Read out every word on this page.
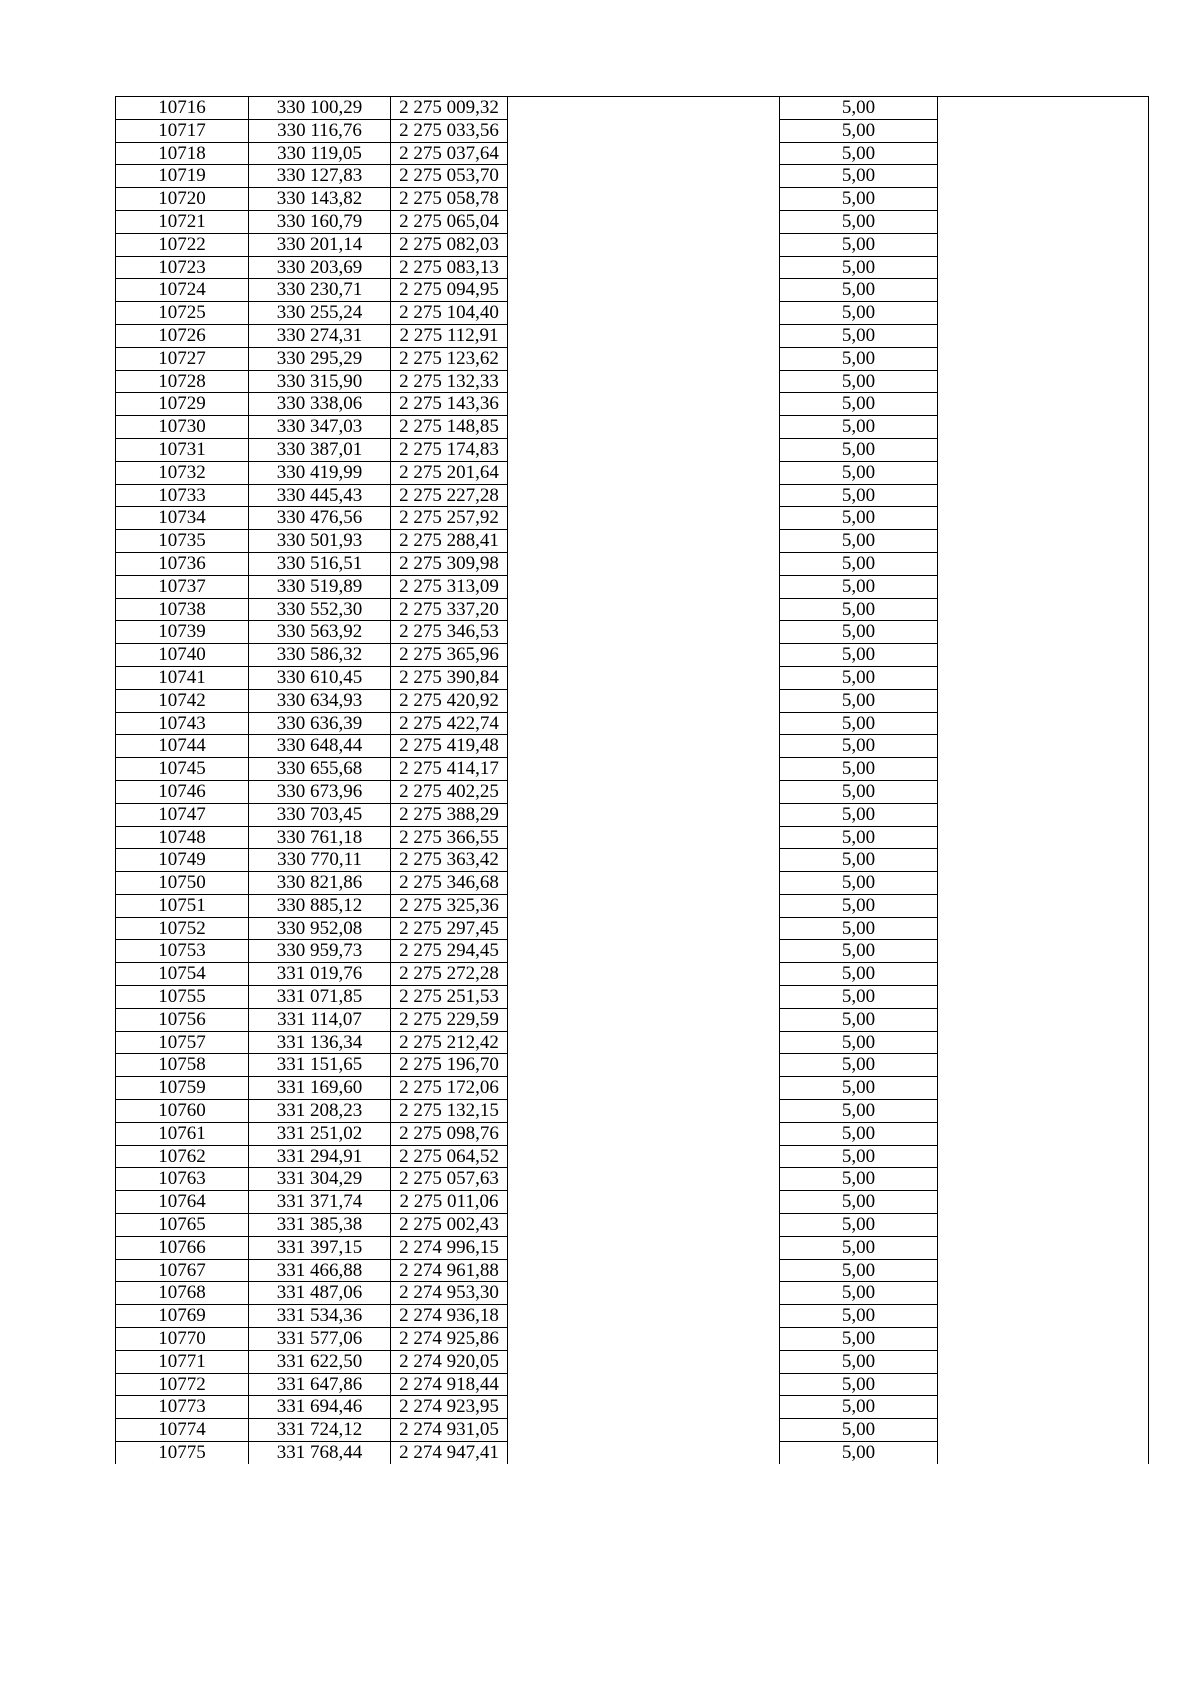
10716	330 100,29	2 275 009,32		5,00	
10717	330 116,76	2 275 033,56		5,00	
10718	330 119,05	2 275 037,64		5,00	
10719	330 127,83	2 275 053,70		5,00	
10720	330 143,82	2 275 058,78		5,00	
10721	330 160,79	2 275 065,04		5,00	
10722	330 201,14	2 275 082,03		5,00	
10723	330 203,69	2 275 083,13		5,00	
10724	330 230,71	2 275 094,95		5,00	
10725	330 255,24	2 275 104,40		5,00	
10726	330 274,31	2 275 112,91		5,00	
10727	330 295,29	2 275 123,62		5,00	
10728	330 315,90	2 275 132,33		5,00	
10729	330 338,06	2 275 143,36		5,00	
10730	330 347,03	2 275 148,85		5,00	
10731	330 387,01	2 275 174,83		5,00	
10732	330 419,99	2 275 201,64		5,00	
10733	330 445,43	2 275 227,28		5,00	
10734	330 476,56	2 275 257,92		5,00	
10735	330 501,93	2 275 288,41		5,00	
10736	330 516,51	2 275 309,98		5,00	
10737	330 519,89	2 275 313,09		5,00	
10738	330 552,30	2 275 337,20		5,00	
10739	330 563,92	2 275 346,53		5,00	
10740	330 586,32	2 275 365,96		5,00	
10741	330 610,45	2 275 390,84		5,00	
10742	330 634,93	2 275 420,92		5,00	
10743	330 636,39	2 275 422,74		5,00	
10744	330 648,44	2 275 419,48		5,00	
10745	330 655,68	2 275 414,17		5,00	
10746	330 673,96	2 275 402,25		5,00	
10747	330 703,45	2 275 388,29		5,00	
10748	330 761,18	2 275 366,55		5,00	
10749	330 770,11	2 275 363,42		5,00	
10750	330 821,86	2 275 346,68		5,00	
10751	330 885,12	2 275 325,36		5,00	
10752	330 952,08	2 275 297,45		5,00	
10753	330 959,73	2 275 294,45		5,00	
10754	331 019,76	2 275 272,28		5,00	
10755	331 071,85	2 275 251,53		5,00	
10756	331 114,07	2 275 229,59		5,00	
10757	331 136,34	2 275 212,42		5,00	
10758	331 151,65	2 275 196,70		5,00	
10759	331 169,60	2 275 172,06		5,00	
10760	331 208,23	2 275 132,15		5,00	
10761	331 251,02	2 275 098,76		5,00	
10762	331 294,91	2 275 064,52		5,00	
10763	331 304,29	2 275 057,63		5,00	
10764	331 371,74	2 275 011,06		5,00	
10765	331 385,38	2 275 002,43		5,00	
10766	331 397,15	2 274 996,15		5,00	
10767	331 466,88	2 274 961,88		5,00	
10768	331 487,06	2 274 953,30		5,00	
10769	331 534,36	2 274 936,18		5,00	
10770	331 577,06	2 274 925,86		5,00	
10771	331 622,50	2 274 920,05		5,00	
10772	331 647,86	2 274 918,44		5,00	
10773	331 694,46	2 274 923,95		5,00	
10774	331 724,12	2 274 931,05		5,00	
10775	331 768,44	2 274 947,41		5,00	
